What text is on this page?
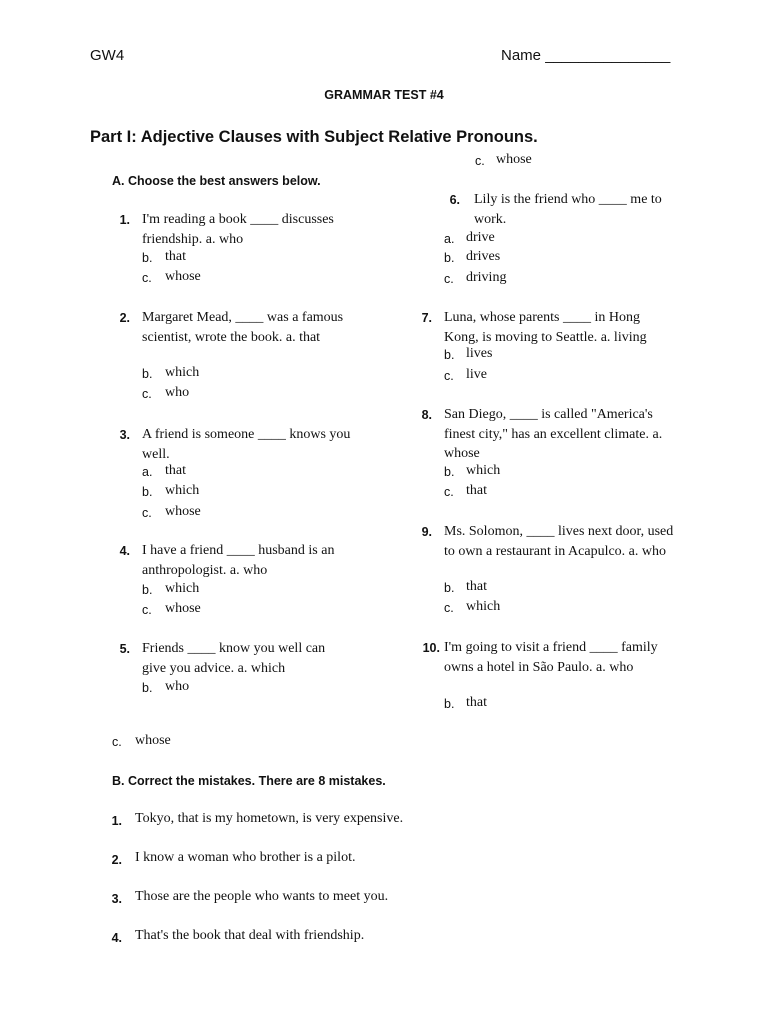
GW4	Name _______________
GRAMMAR TEST #4
Part I: Adjective Clauses with Subject Relative Pronouns.
A. Choose the best answers below.
c. whose
1. I'm reading a book ____ discusses friendship. a. who
b. that
c. whose
2. Margaret Mead, ____ was a famous scientist, wrote the book. a. that
b. which
c. who
3. A friend is someone ____ knows you well.
a. that
b. which
c. whose
4. I have a friend ____ husband is an anthropologist. a. who
b. which
c. whose
5. Friends ____ know you well can give you advice. a. which
b. who
6. Lily is the friend who ____ me to work.
a. drive
b. drives
c. driving
7. Luna, whose parents ____ in Hong Kong, is moving to Seattle. a. living
b. lives
c. live
8. San Diego, ____ is called "America's finest city," has an excellent climate. a. whose
b. which
c. that
9. Ms. Solomon, ____ lives next door, used to own a restaurant in Acapulco. a. who
b. that
c. which
10. I'm going to visit a friend ____ family owns a hotel in São Paulo. a. who
b. that
c. whose
B. Correct the mistakes. There are 8 mistakes.
1. Tokyo, that is my hometown, is very expensive.
2. I know a woman who brother is a pilot.
3. Those are the people who wants to meet you.
4. That's the book that deal with friendship.
